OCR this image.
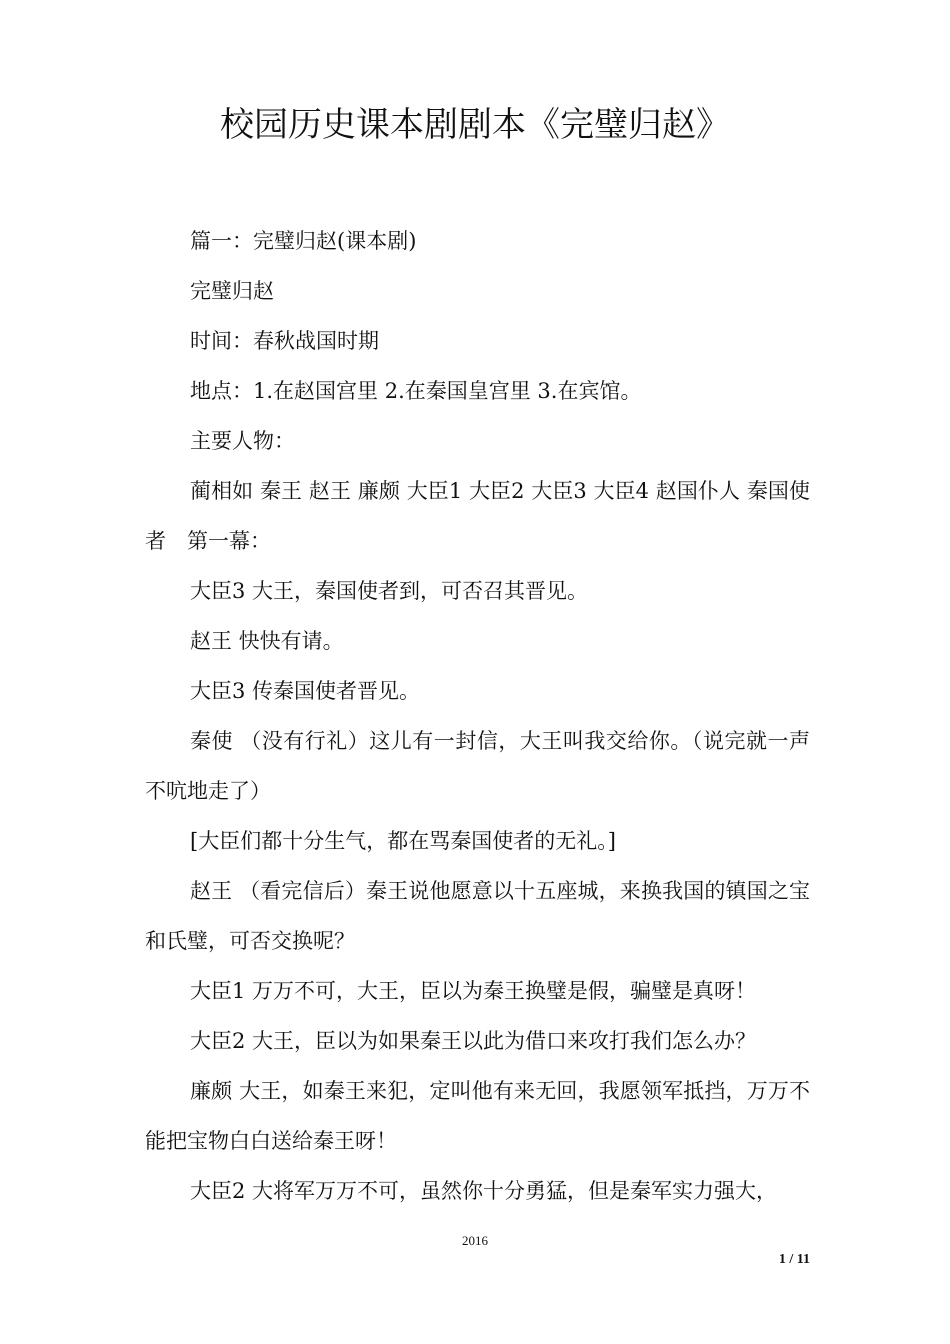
校园历史课本剧剧本《完璧归赵》

篇一：完璧归赵(课本剧)

完璧归赵

时间：春秋战国时期

地点：1.在赵国宫里 2.在秦国皇宫里 3.在宾馆。

主要人物：

蔺相如 秦王 赵王 廉颇 大臣1 大臣2 大臣3 大臣4 赵国仆人 秦国使者　第一幕：

大臣3 大王，秦国使者到，可否召其晋见。

赵王 快快有请。

大臣3 传秦国使者晋见。

秦使 （没有行礼）这儿有一封信，大王叫我交给你。（说完就一声不吭地走了）

[大臣们都十分生气，都在骂秦国使者的无礼。]

赵王 （看完信后）秦王说他愿意以十五座城，来换我国的镇国之宝和氏璧，可否交换呢？

大臣1 万万不可，大王，臣以为秦王换璧是假，骗璧是真呀！

大臣2 大王，臣以为如果秦王以此为借口来攻打我们怎么办？

廉颇 大王，如秦王来犯，定叫他有来无回，我愿领军抵挡，万万不能把宝物白白送给秦王呀！

大臣2 大将军万万不可，虽然你十分勇猛，但是秦军实力强大，

2016
1 / 11
